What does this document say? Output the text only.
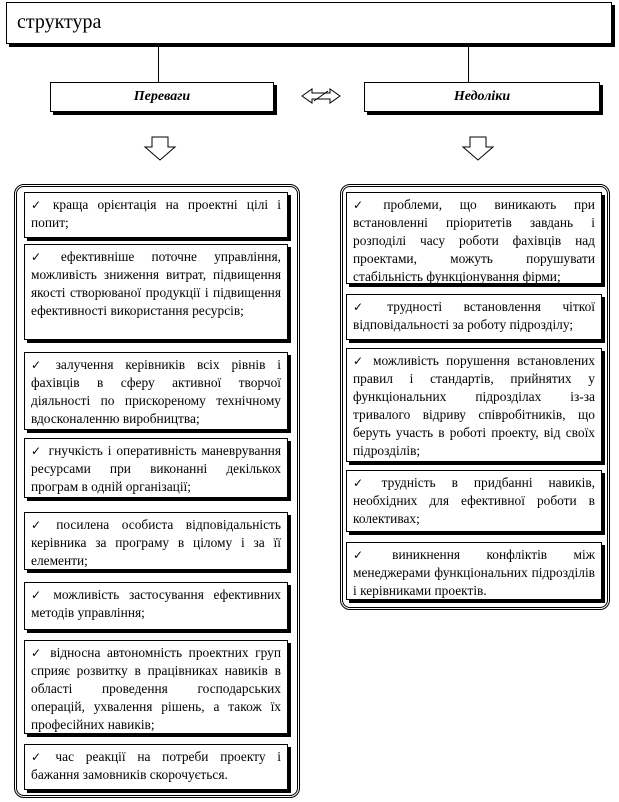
структура
Переваги	Недоліки
✓ краща орієнтація на проектні цілі і попит;
✓ ефективніше поточне управління, можливість зниження витрат, підвищення якості створюваної продукції і підвищення ефективності використання ресурсів;
✓ залучення керівників всіх рівнів і фахівців в сферу активної творчої діяльності по прискореному технічному вдосконаленню виробництва;
✓ гнучкість і оперативність маневрування ресурсами при виконанні декількох програм в одній організації;
✓ посилена особиста відповідальність керівника за програму в цілому і за її елементи;
✓ можливість застосування ефективних методів управління;
✓ відносна автономність проектних груп сприяє розвитку в працівниках навиків в області проведення господарських операцій, ухвалення рішень, а також їх професійних навиків;
✓ час реакції на потреби проекту і бажання замовників скорочується.
✓ проблеми, що виникають при встановленні пріоритетів завдань і розподілі часу роботи фахівців над проектами, можуть порушувати стабільність функціонування фірми;
✓ трудності встановлення чіткої відповідальності за роботу підрозділу;
✓ можливість порушення встановлених правил і стандартів, прийнятих у функціональних підрозділах із-за тривалого відриву співробітників, що беруть участь в роботі проекту, від своїх підрозділів;
✓ трудність в придбанні навиків, необхідних для ефективної роботи в колективах;
✓ виникнення конфліктів між менеджерами функціональних підрозділів і керівниками проектів.
